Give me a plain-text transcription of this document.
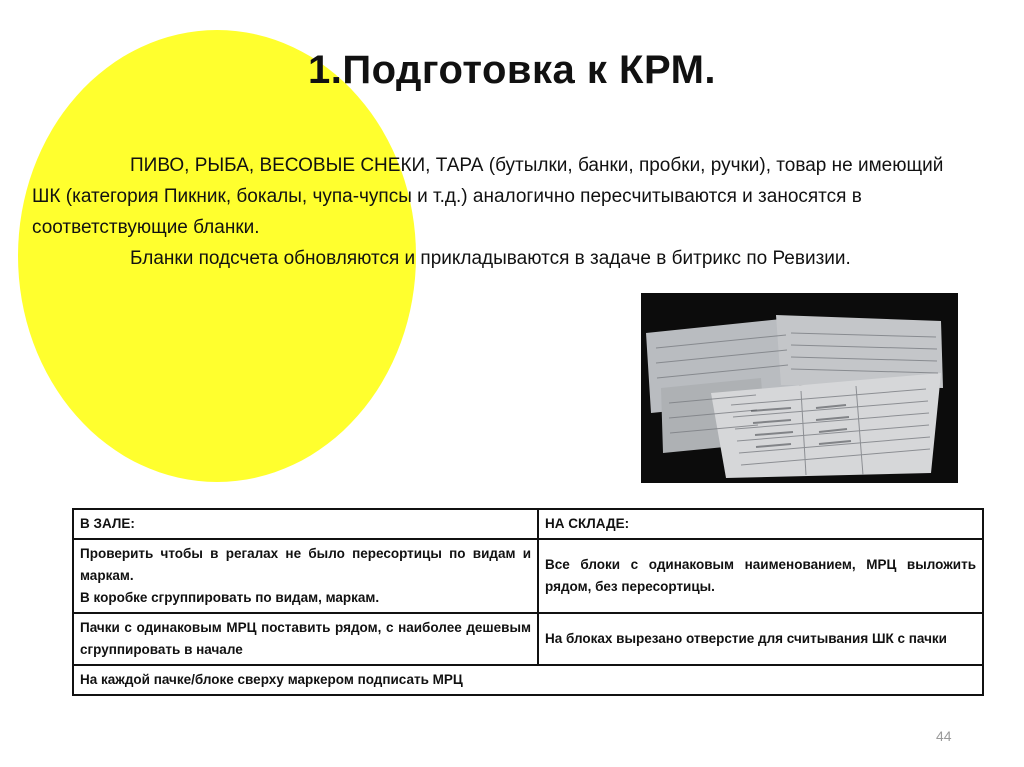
1.Подготовка к КРМ.

ПИВО, РЫБА, ВЕСОВЫЕ СНЕКИ, ТАРА (бутылки, банки, пробки, ручки), товар не имеющий ШК (категория Пикник, бокалы, чупа-чупсы и т.д.) аналогично пересчитываются и заносятся в соответствующие бланки.

Бланки подсчета обновляются и прикладываются в задаче в битрикс по Ревизии.

В ЗАЛЕ:	НА СКЛАДЕ:

Проверить чтобы в регалах не было пересортицы по видам и маркам.
В коробке сгруппировать по видам, маркам.	Все блоки с одинаковым наименованием, МРЦ выложить рядом, без пересортицы.
Пачки с одинаковым МРЦ поставить рядом, с наиболее дешевым сгруппировать в начале	На блоках вырезано отверстие для считывания ШК с пачки
На каждой пачке/блоке сверху маркером подписать МРЦ	
44
